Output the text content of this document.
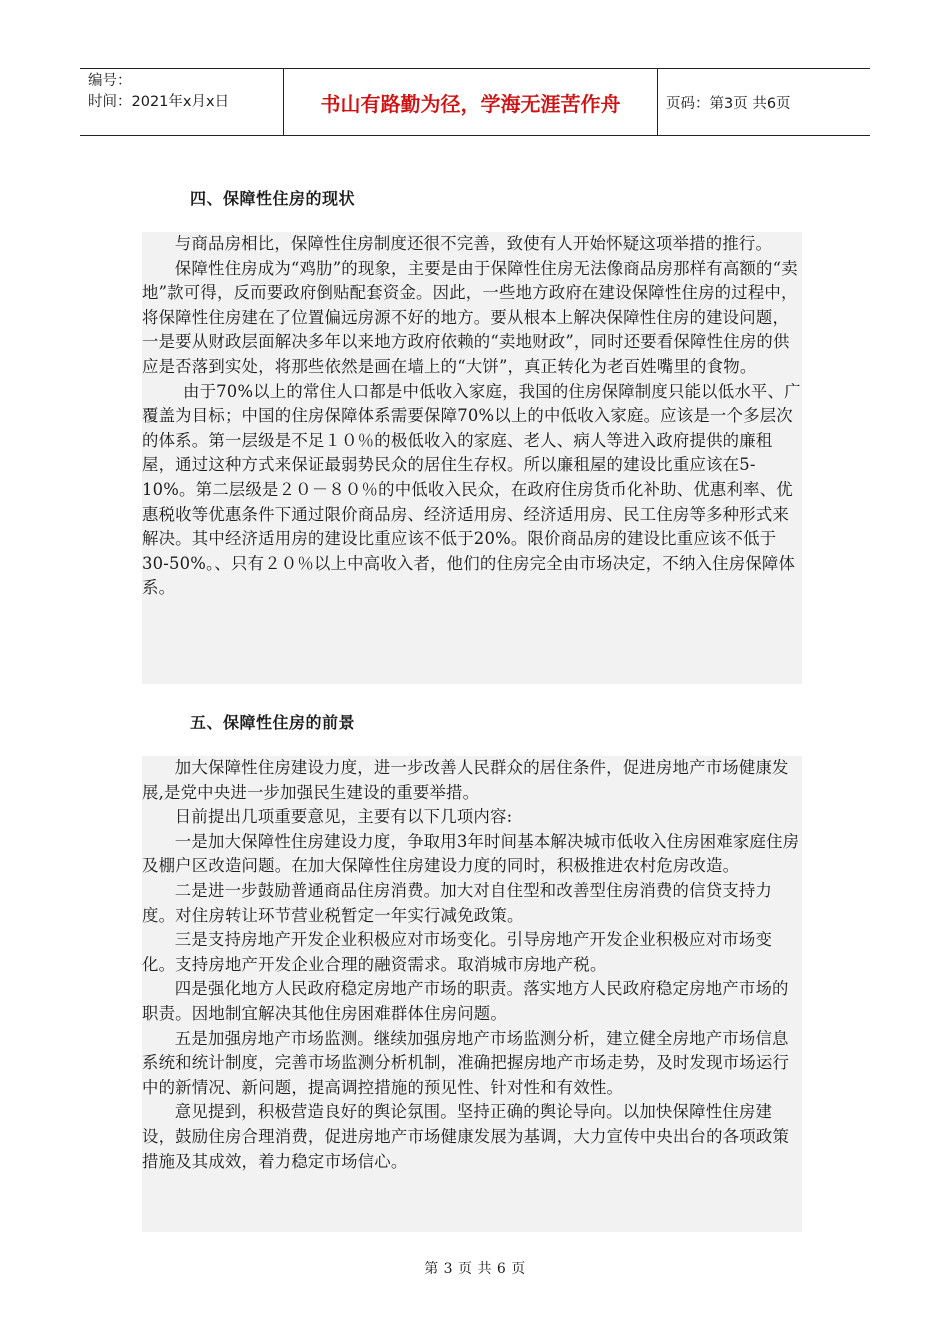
编号：
时间：2021年x月x日	书山有路勤为径，学海无涯苦作舟	页码：第3页 共6页
四、保障性住房的现状

与商品房相比，保障性住房制度还很不完善，致使有人开始怀疑这项举措的推行。

保障性住房成为“鸡肋”的现象，主要是由于保障性住房无法像商品房那样有高额的“卖地”款可得，反而要政府倒贴配套资金。因此，一些地方政府在建设保障性住房的过程中，将保障性住房建在了位置偏远房源不好的地方。要从根本上解决保障性住房的建设问题，一是要从财政层面解决多年以来地方政府依赖的“卖地财政”，同时还要看保障性住房的供应是否落到实处，将那些依然是画在墙上的“大饼”，真正转化为老百姓嘴里的食物。

由于70%以上的常住人口都是中低收入家庭，我国的住房保障制度只能以低水平、广覆盖为目标；中国的住房保障体系需要保障70%以上的中低收入家庭。应该是一个多层次的体系。第一层级是不足１０％的极低收入的家庭、老人、病人等进入政府提供的廉租屋，通过这种方式来保证最弱势民众的居住生存权。所以廉租屋的建设比重应该在5-10%。第二层级是２０－８０％的中低收入民众，在政府住房货币化补助、优惠利率、优惠税收等优惠条件下通过限价商品房、经济适用房、经济适用房、民工住房等多种形式来解决。其中经济适用房的建设比重应该不低于20%。限价商品房的建设比重应该不低于30-50%。、只有２０％以上中高收入者，他们的住房完全由市场决定，不纳入住房保障体系。

五、保障性住房的前景

加大保障性住房建设力度，进一步改善人民群众的居住条件，促进房地产市场健康发展,是党中央进一步加强民生建设的重要举措。

日前提出几项重要意见，主要有以下几项内容:

一是加大保障性住房建设力度，争取用3年时间基本解决城市低收入住房困难家庭住房及棚户区改造问题。在加大保障性住房建设力度的同时，积极推进农村危房改造。

二是进一步鼓励普通商品住房消费。加大对自住型和改善型住房消费的信贷支持力度。对住房转让环节营业税暂定一年实行减免政策。

三是支持房地产开发企业积极应对市场变化。引导房地产开发企业积极应对市场变化。支持房地产开发企业合理的融资需求。取消城市房地产税。

四是强化地方人民政府稳定房地产市场的职责。落实地方人民政府稳定房地产市场的职责。因地制宜解决其他住房困难群体住房问题。

五是加强房地产市场监测。继续加强房地产市场监测分析，建立健全房地产市场信息系统和统计制度，完善市场监测分析机制，准确把握房地产市场走势，及时发现市场运行中的新情况、新问题，提高调控措施的预见性、针对性和有效性。

意见提到，积极营造良好的舆论氛围。坚持正确的舆论导向。以加快保障性住房建设，鼓励住房合理消费，促进房地产市场健康发展为基调，大力宣传中央出台的各项政策措施及其成效，着力稳定市场信心。

第 3 页 共 6 页
